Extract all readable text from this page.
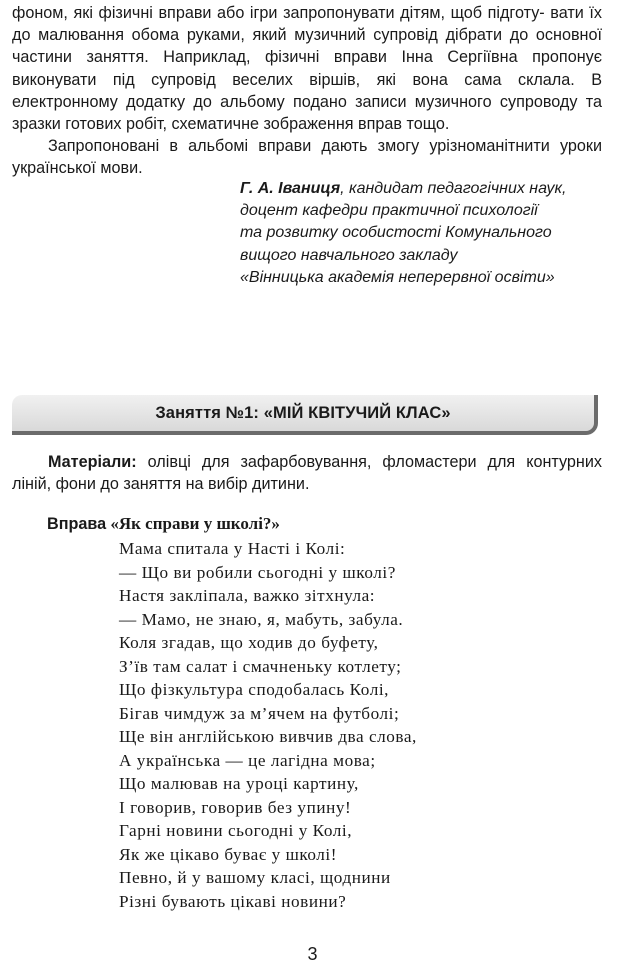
фоном, які фізичні вправи або ігри запропонувати дітям, щоб підготу- вати їх до малювання обома руками, який музичний супровід дібрати до основної частини заняття. Наприклад, фізичні вправи Інна Сергіївна пропонує виконувати під супровід веселих віршів, які вона сама склала. В електронному додатку до альбому подано записи музичного супроводу та зразки готових робіт, схематичне зображення вправ тощо.

Запропоновані в альбомі вправи дають змогу урізноманітнити уроки української мови.

Г. А. Іваниця, кандидат педагогічних наук,
доцент кафедри практичної психології
та розвитку особистості Комунального
вищого навчального закладу
«Вінницька академія неперервної освіти»
Заняття №1: «МІЙ КВІТУЧИЙ КЛАС»
Матеріали: олівці для зафарбовування, фломастери для контурних ліній, фони до заняття на вибір дитини.
Вправа «Як справи у школі?»
Мама спитала у Насті і Колі:
— Що ви робили сьогодні у школі?
Настя закліпала, важко зітхнула:
— Мамо, не знаю, я, мабуть, забула.
Коля згадав, що ходив до буфету,
З’їв там салат і смачненьку котлету;
Що фізкультура сподобалась Колі,
Бігав чимдуж за м’ячем на футболі;
Ще він англійською вивчив два слова,
А українська — це лагідна мова;
Що малював на уроці картину,
І говорив, говорив без упину!
Гарні новини сьогодні у Колі,
Як же цікаво буває у школі!
Певно, й у вашому класі, щоднини
Різні бувають цікаві новини?
3
